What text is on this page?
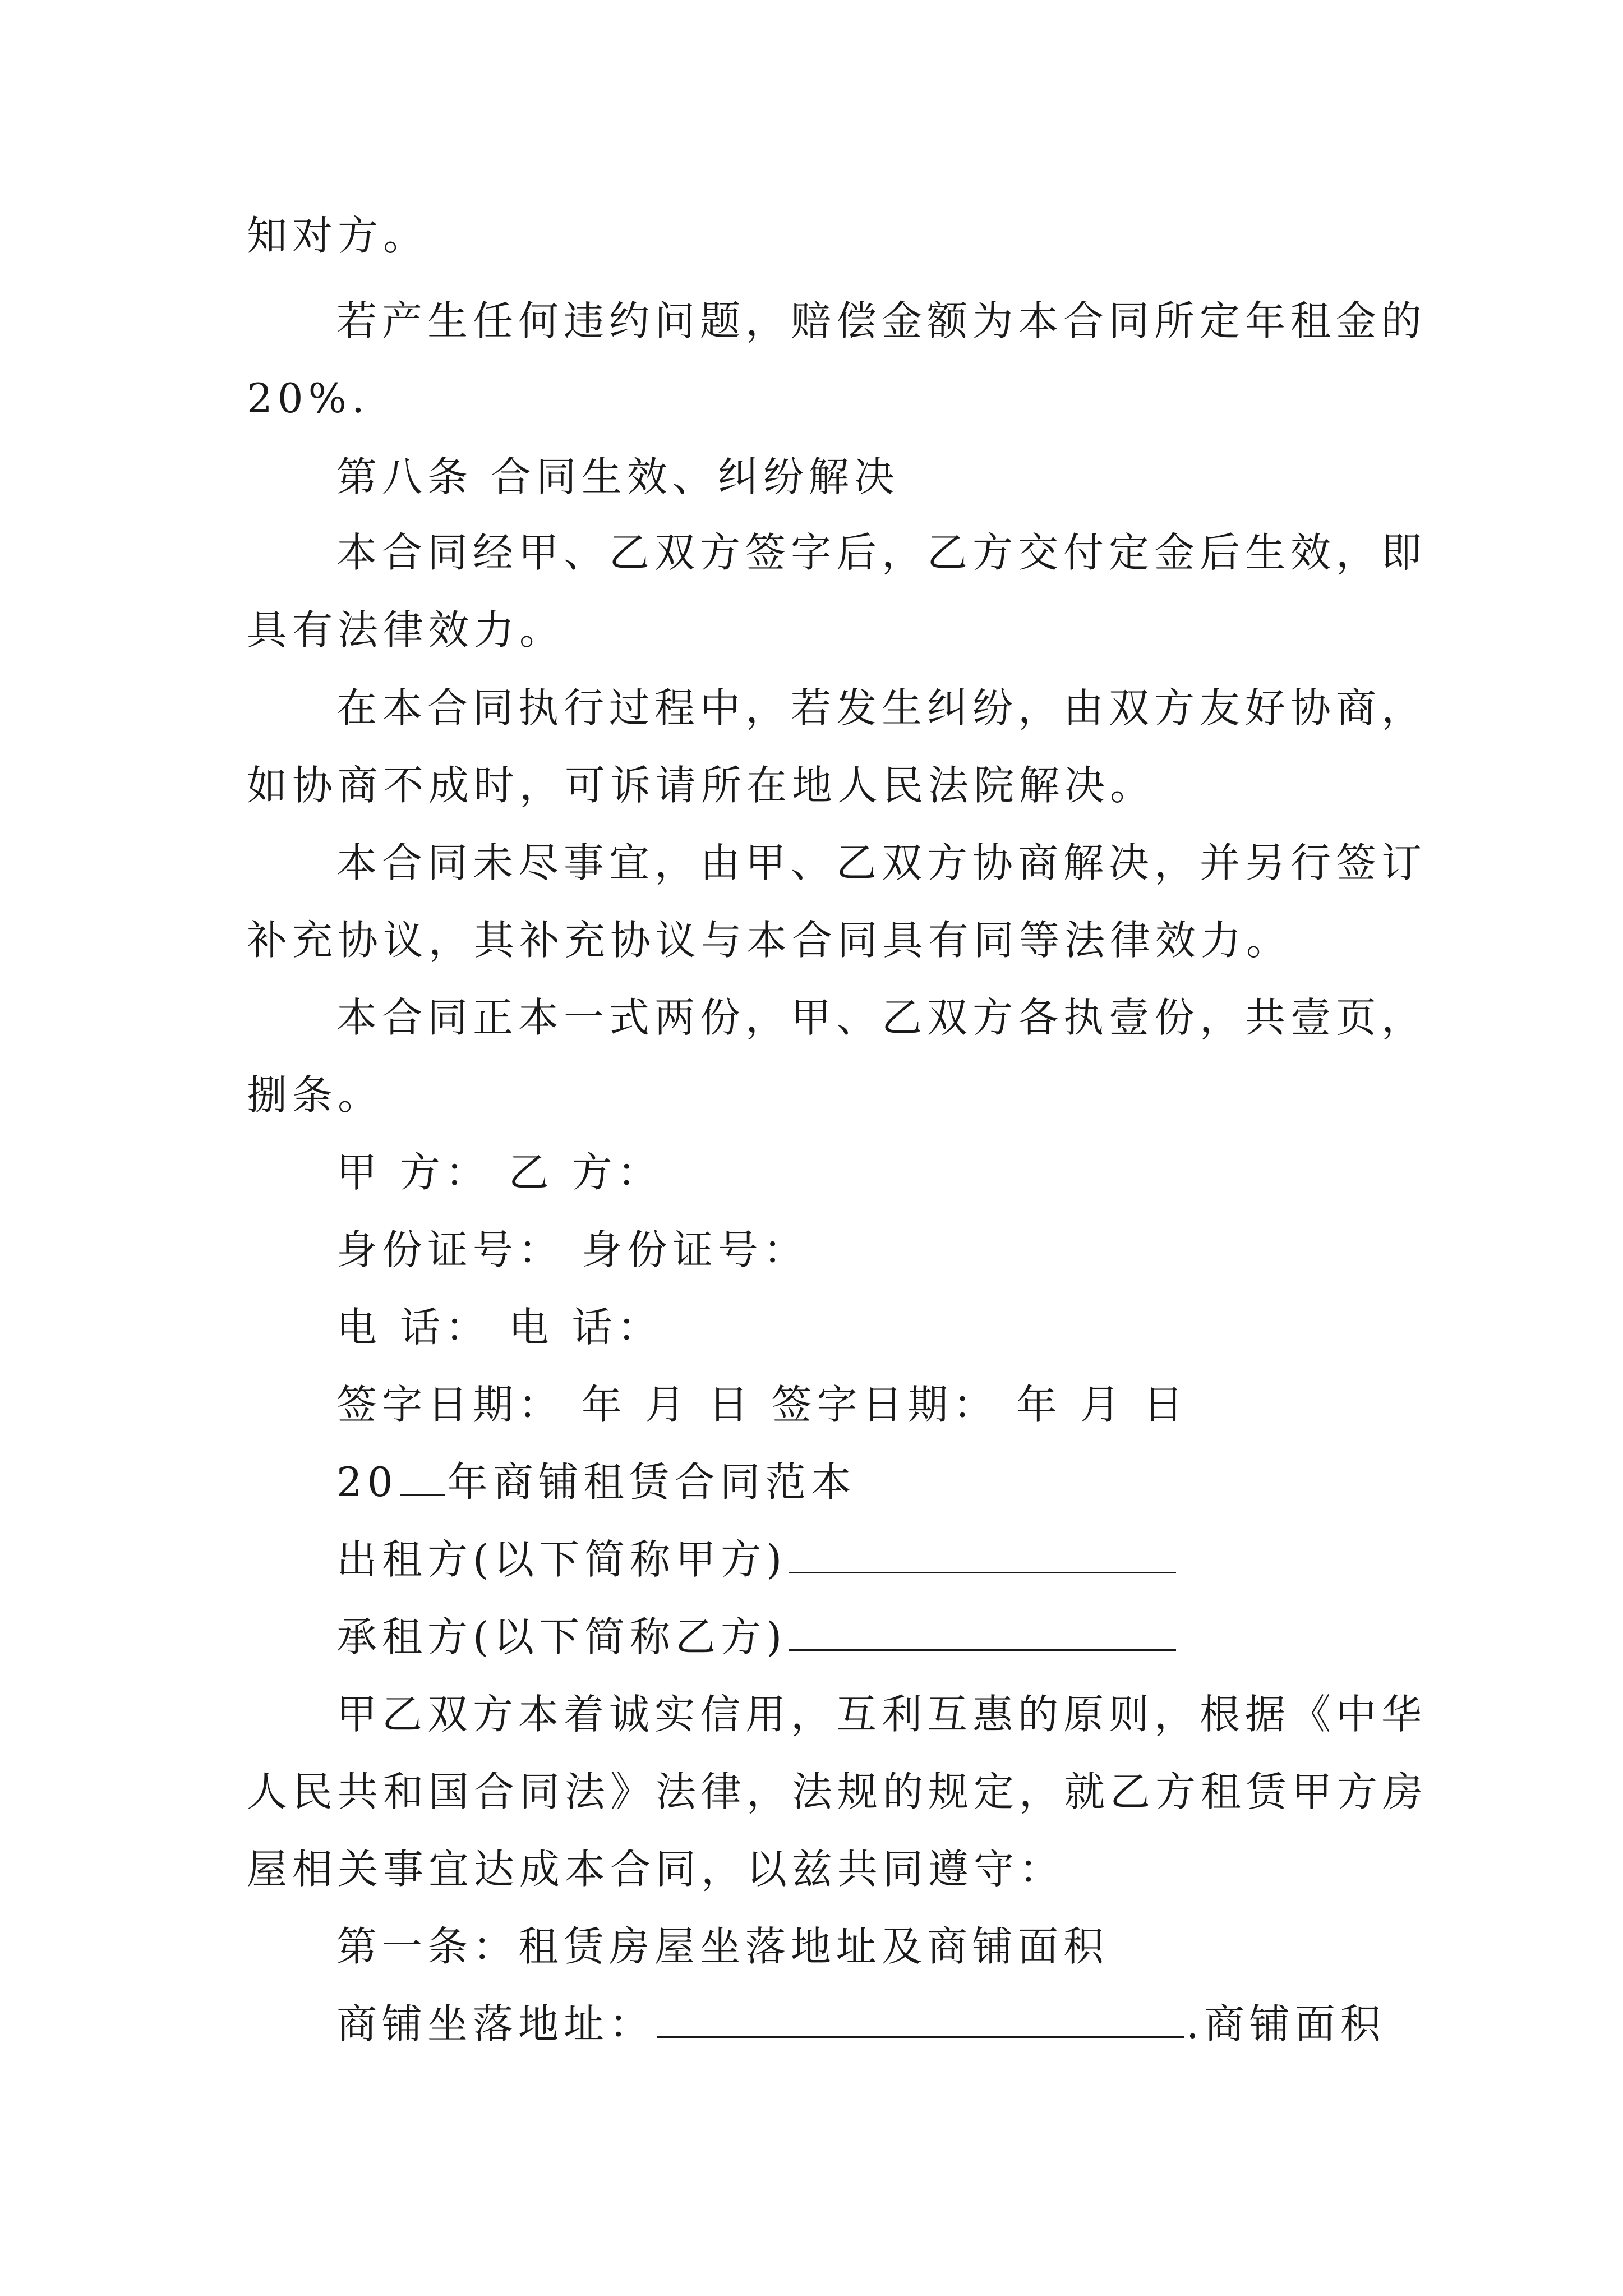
知对方。
若产生任何违约问题，赔偿金额为本合同所定年租金的
20%.
第八条 合同生效、纠纷解决
本合同经甲、乙双方签字后，乙方交付定金后生效，即
具有法律效力。
在本合同执行过程中，若发生纠纷，由双方友好协商，
如协商不成时，可诉请所在地人民法院解决。
本合同未尽事宜，由甲、乙双方协商解决，并另行签订
补充协议，其补充协议与本合同具有同等法律效力。
本合同正本一式两份，甲、乙双方各执壹份，共壹页，
捌条。
甲 方： 乙 方：
身份证号： 身份证号：
电 话： 电 话：
签字日期： 年 月 日 签字日期： 年 月 日
20 年商铺租赁合同范本
出租方(以下简称甲方)
承租方(以下简称乙方)
甲乙双方本着诚实信用，互利互惠的原则，根据《中华
人民共和国合同法》法律，法规的规定，就乙方租赁甲方房
屋相关事宜达成本合同，以兹共同遵守：
第一条：租赁房屋坐落地址及商铺面积
商铺坐落地址：	.商铺面积
